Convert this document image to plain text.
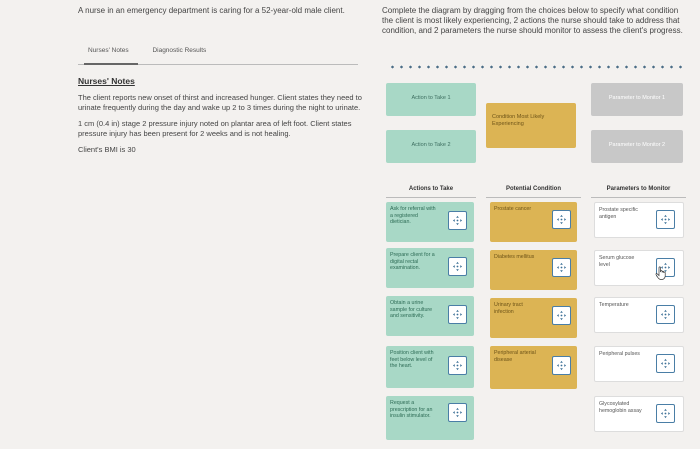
A nurse in an emergency department is caring for a 52-year-old male client.
Nurses' Notes	Diagnostic Results
Nurses' Notes

The client reports new onset of thirst and increased hunger. Client states they need to urinate frequently during the day and wake up 2 to 3 times during the night to urinate.

1 cm (0.4 in) stage 2 pressure injury noted on plantar area of left foot. Client states pressure injury has been present for 2 weeks and is not healing.

Client's BMI is 30

Complete the diagram by dragging from the choices below to specify what condition the client is most likely experiencing, 2 actions the nurse should take to address that condition, and 2 parameters the nurse should monitor to assess the client's progress.
Action to Take 1
Action to Take 2
Condition Most Likely Experiencing
Parameter to Monitor 1
Parameter to Monitor 2
Actions to Take	Potential Condition	Parameters to Monitor
Ask for referral with a registered dietician.
Prepare client for a digital rectal examination.
Obtain a urine sample for culture and sensitivity.
Position client with feet below level of the heart.
Request a prescription for an insulin stimulator.
Prostate cancer
Diabetes mellitus
Urinary tract infection
Peripheral arterial disease
Prostate specific antigen
Serum glucose level
Temperature
Peripheral pulses
Glycosylated hemoglobin assay
